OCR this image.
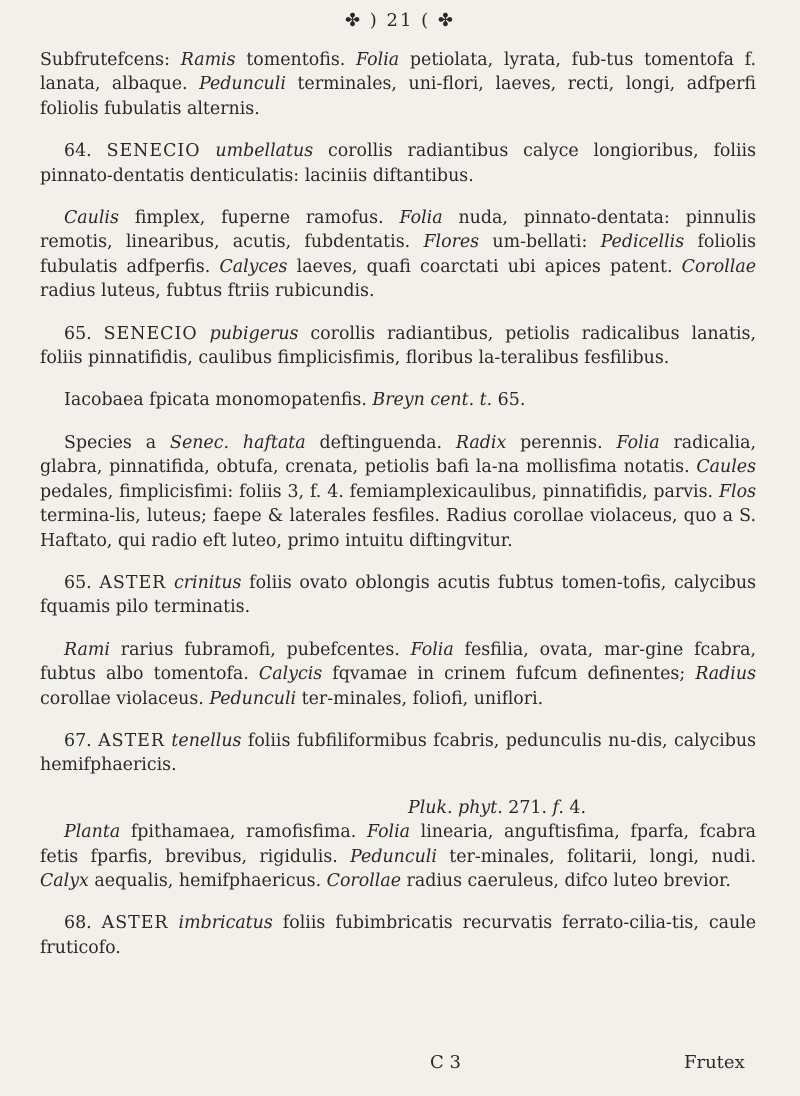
✤ ) 21 ( ✤

Subfrutefcens: Ramis tomentofis. Folia petiolata, lyrata, fub-tus tomentofa f. lanata, albaque. Pedunculi terminales, uni-flori, laeves, recti, longi, adfperfi foliolis fubulatis alternis.

64. SENECIO umbellatus corollis radiantibus calyce longioribus, foliis pinnato-dentatis denticulatis: laciniis diftantibus.

Caulis fimplex, fuperne ramofus. Folia nuda, pinnato-dentata: pinnulis remotis, linearibus, acutis, fubdentatis. Flores um-bellati: Pedicellis foliolis fubulatis adfperfis. Calyces laeves, quafi coarctati ubi apices patent. Corollae radius luteus, fubtus ftriis rubicundis.

65. SENECIO pubigerus corollis radiantibus, petiolis radicalibus lanatis, foliis pinnatifidis, caulibus fimplicisfimis, floribus la-teralibus fesfilibus.

Iacobaea fpicata monomopatenfis. Breyn cent. t. 65.

Species a Senec. haftata deftinguenda. Radix perennis. Folia radicalia, glabra, pinnatifida, obtufa, crenata, petiolis bafi la-na mollisfima notatis. Caules pedales, fimplicisfimi: foliis 3, f. 4. femiamplexicaulibus, pinnatifidis, parvis. Flos termina-lis, luteus; faepe & laterales fesfiles. Radius corollae violaceus, quo a S. Haftato, qui radio eft luteo, primo intuitu diftingvitur.

65. ASTER crinitus foliis ovato oblongis acutis fubtus tomen-tofis, calycibus fquamis pilo terminatis.

Rami rarius fubramofi, pubefcentes. Folia fesfilia, ovata, mar-gine fcabra, fubtus albo tomentofa. Calycis fqvamae in crinem fufcum definentes; Radius corollae violaceus. Pedunculi ter-minales, foliofi, uniflori.

67. ASTER tenellus foliis fubfiliformibus fcabris, pedunculis nu-dis, calycibus hemifphaericis.

Pluk. phyt. 271. f. 4.

Planta fpithamaea, ramofisfima. Folia linearia, anguftisfima, fparfa, fcabra fetis fparfis, brevibus, rigidulis. Pedunculi ter-minales, folitarii, longi, nudi. Calyx aequalis, hemifphaericus. Corollae radius caeruleus, difco luteo brevior.

68. ASTER imbricatus foliis fubimbricatis recurvatis ferrato-cilia-tis, caule fruticofo.

C 3	Frutex
